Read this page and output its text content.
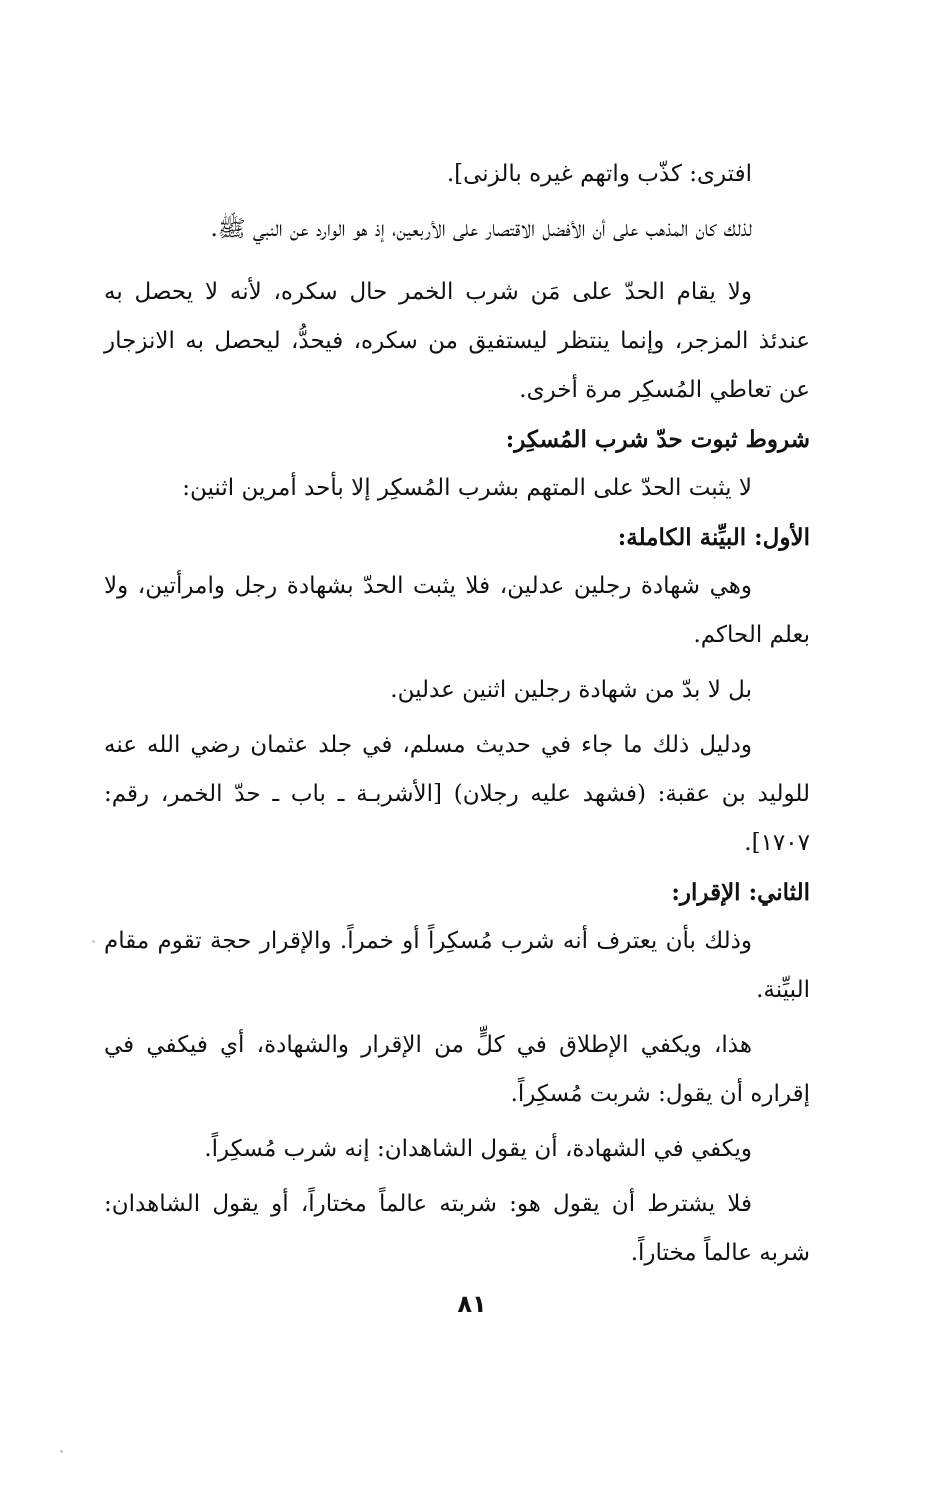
افترى: كذّب واتهم غيره بالزنى].

لذلك كان المذهب على أن الأفضل الاقتصار على الأربعين، إذ هو الوارد عن النبي ﷺ.

ولا يقام الحدّ على مَن شرب الخمر حال سكره، لأنه لا يحصل به عندئذ المزجر، وإنما ينتظر ليستفيق من سكره، فيحدُّ، ليحصل به الانزجار عن تعاطي المُسكِر مرة أخرى.

شروط ثبوت حدّ شرب المُسكِر:

لا يثبت الحدّ على المتهم بشرب المُسكِر إلا بأحد أمرين اثنين:

الأول: البيِّنة الكاملة:

وهي شهادة رجلين عدلين، فلا يثبت الحدّ بشهادة رجل وامرأتين، ولا بعلم الحاكم.

بل لا بدّ من شهادة رجلين اثنين عدلين.

ودليل ذلك ما جاء في حديث مسلم، في جلد عثمان رضي الله عنه للوليد بن عقبة: (فشهد عليه رجلان) [الأشربـة ـ باب ـ حدّ الخمر، رقم: ١٧٠٧].

الثاني: الإقرار:

وذلك بأن يعترف أنه شرب مُسكِراً أو خمراً. والإقرار حجة تقوم مقام البيِّنة.

هذا، ويكفي الإطلاق في كلٍّ من الإقرار والشهادة، أي فيكفي في إقراره أن يقول: شربت مُسكِراً.

ويكفي في الشهادة، أن يقول الشاهدان: إنه شرب مُسكِراً.

فلا يشترط أن يقول هو: شربته عالماً مختاراً، أو يقول الشاهدان: شربه عالماً مختاراً.

٨١
